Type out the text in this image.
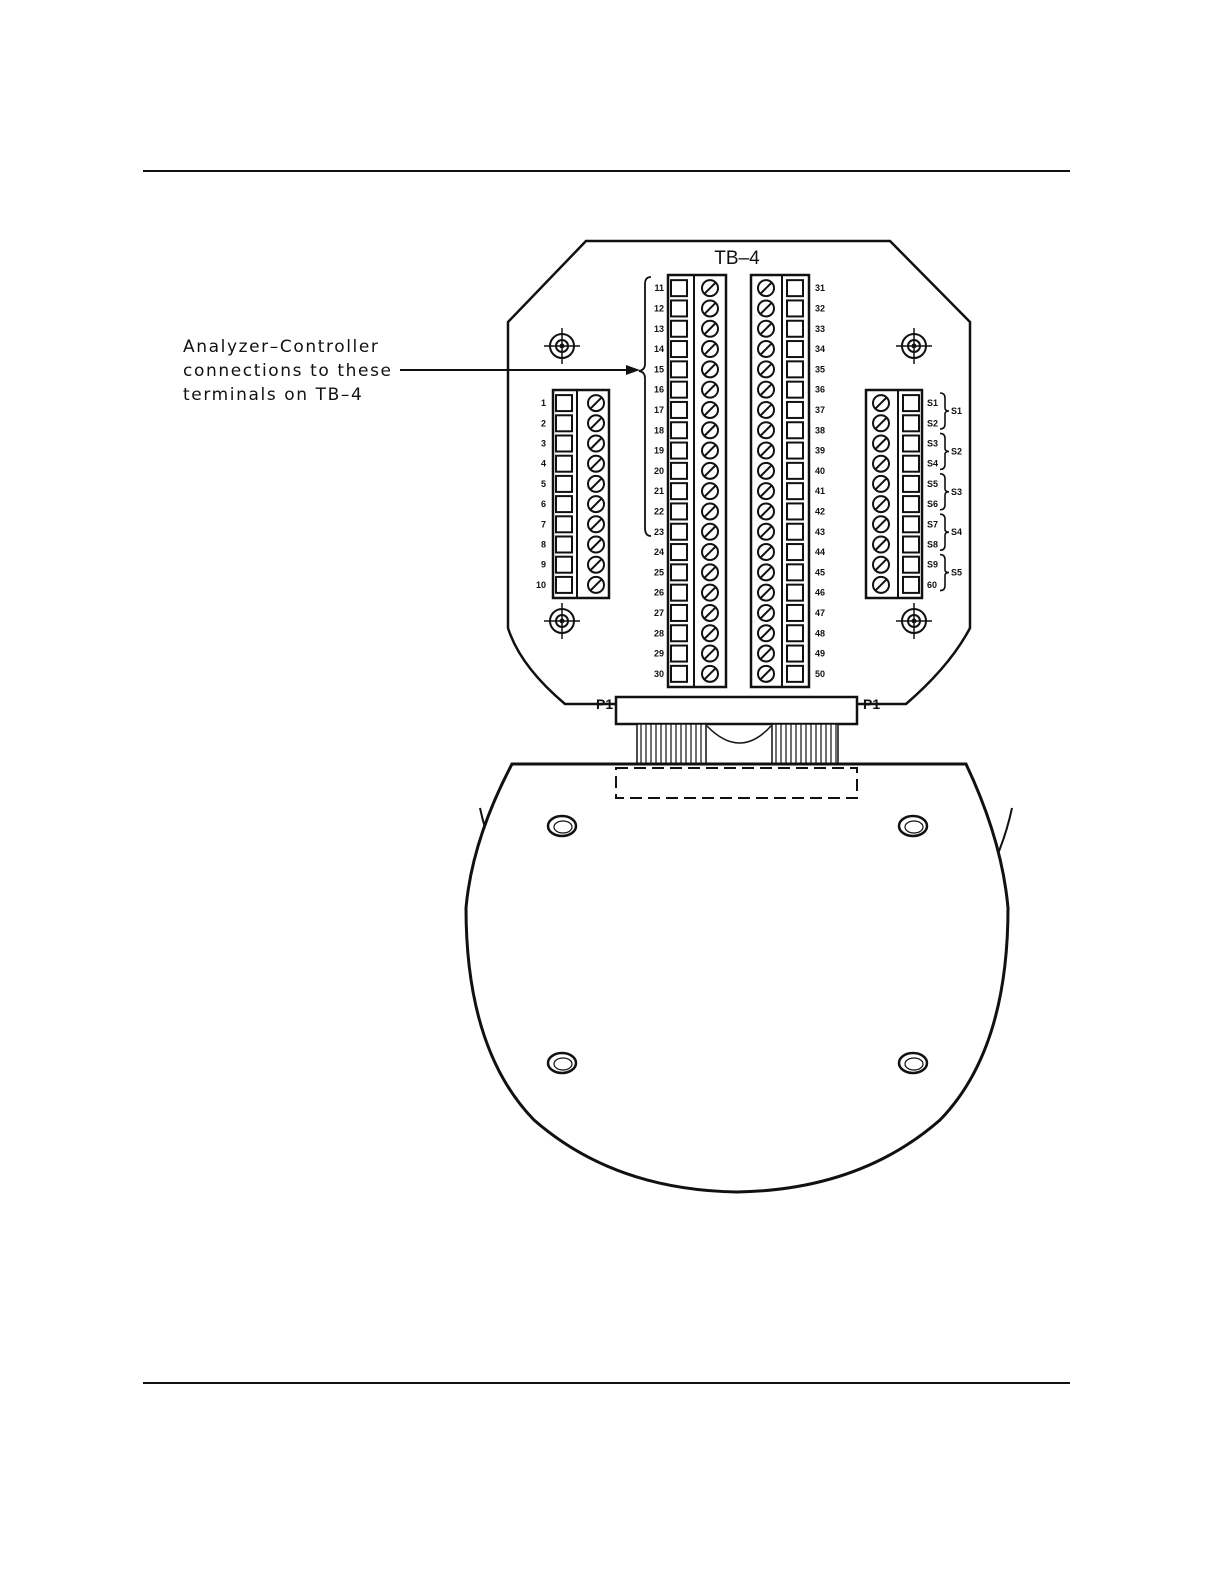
Analyzer–Controller
connections to these
terminals on TB–4
TB–4
1
2
3
4
5
6
7
8
9
10
11
12
13
14
15
16
17
18
19
20
21
22
23
24
25
26
27
28
29
30
31
32
33
34
35
36
37
38
39
40
41
42
43
44
45
46
47
48
49
50
S1
S2
S3
S4
S5
S6
S7
S8
S9
60
S1
S2
S3
S4
S5
P1	P1
